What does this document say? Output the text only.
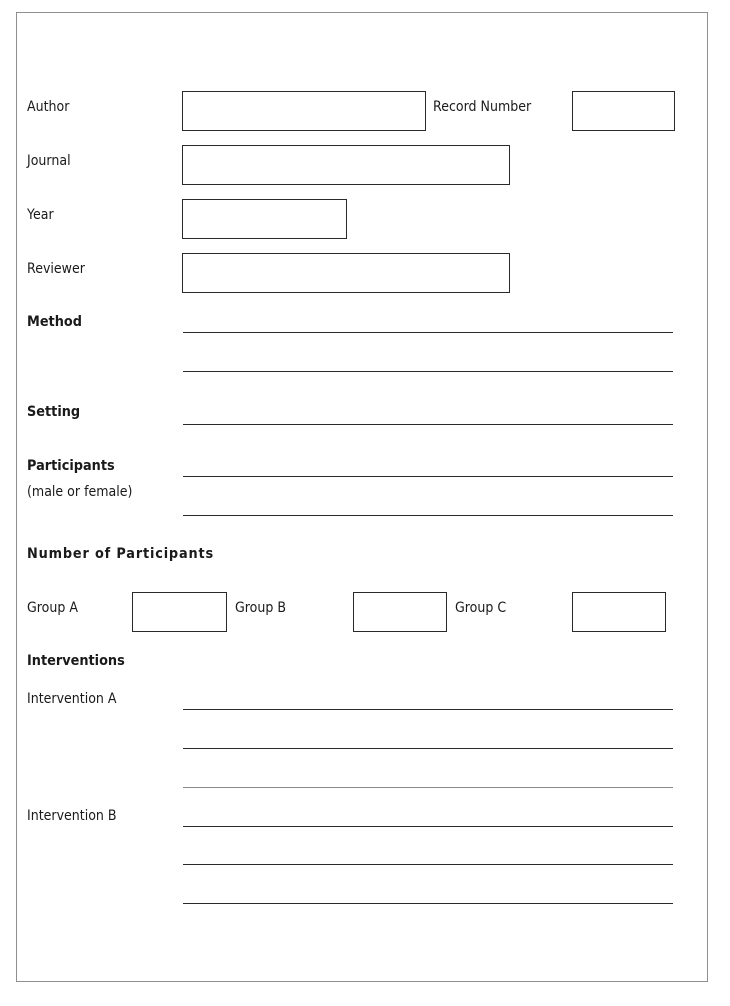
Author	Record Number
Journal
Year
Reviewer
Method
Setting
Participants
(male or female)
Number of Participants
Group A	Group B	Group C
Interventions
Intervention A
Intervention B
